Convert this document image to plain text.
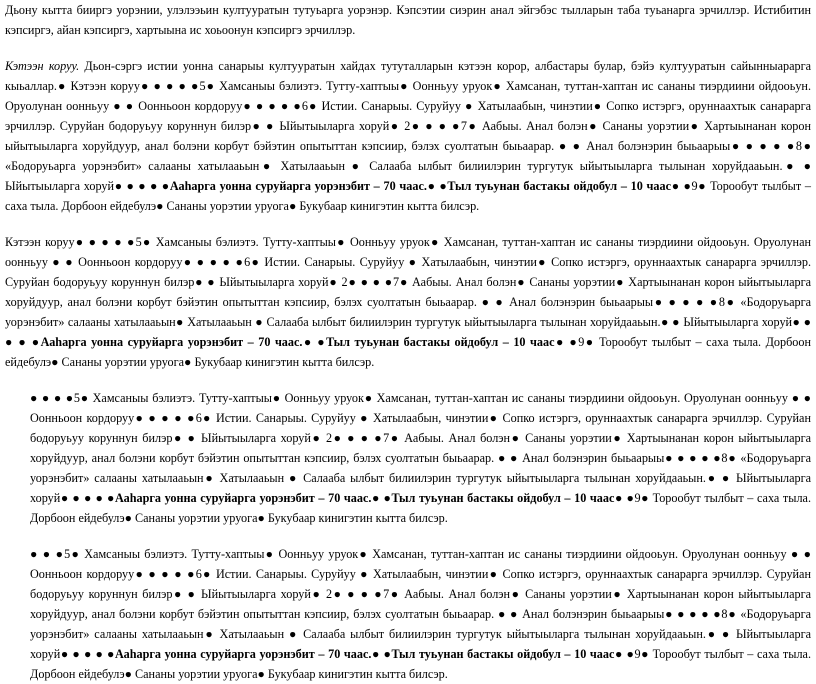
Дьону кытта бииргэ уорэнии, улэлээьин култууратын тутуьарга уорэнэр. Кэпсэтии сиэрин анал эйгэбэс тылларын таба туьанарга эрчиллэр. Истибитин кэпсиргэ, айан кэпсиргэ, хартыына ис хоьоонун кэпсиргэ эрчиллэр.

Кэтээн коруу. Дьон-сэргэ истии уонна санарыы култууратын хайдах тутуталларын кэтээн корор, албастары булар, бэйэ култууратын сайынныарарга кыьаллар.● Кэтээн коруу● ● ● ● ●5● Хамсаныы бэлиэтэ. Тутту-хаптыы● Оонньуу уруок● Хамсанан, туттан-хаптан ис сананы тиэрдиини ойдооьун. Оруолунан оонньуу ● ● Оонньоон кордоруу● ● ● ● ●6● Истии. Санарыы. Суруйуу ● Хатылаабын, чинэтии● Сопко истэргэ, оруннаахтык санарарга эрчиллэр. Суруйан бодоруьуу коруннун билэр● ● Ыйытыыларга хоруй● 2● ● ● ●7● Аабыы. Анал болэн● Сананы уорэтии● Хартыынанан корон ыйытыыларга хоруйдуур, анал болэни корбут бэйэтин опытыттан кэпсиир, бэлэх суолтатын быьаарар. ● ● Анал болэнэрин быьаарыы● ● ● ● ●8● «Бодоруьарга уорэнэбит» салааны хатылааьын● Хатылааьын ● Салааба ылбыт билиилэрин тургутук ыйытыыларга тылынан хоруйдааьын.● ● Ыйытыыларга хоруй● ● ● ● ●Ааһарга уонна суруйарга уорэнэбит – 70 чаас.● ●Тыл туьунан бастакы ойдобул – 10 чаас● ●9● Торообут тылбыт – саха тыла. Дорбоон ейдебулэ● Сананы уорэтии уруога● Букубаар кинигэтин кытта билсэр.

Кэтээн коруу● ● ● ● ●5● Хамсаныы бэлиэтэ. Тутту-хаптыы● Оонньуу уруок● Хамсанан, туттан-хаптан ис сананы тиэрдиини ойдооьун. Оруолунан оонньуу ● ● Оонньоон кордоруу● ● ● ● ●6● Истии. Санарыы. Суруйуу ● Хатылаабын, чинэтии● Сопко истэргэ, оруннаахтык санарарга эрчиллэр. Суруйан бодоруьуу коруннун билэр● ● Ыйытыыларга хоруй● 2● ● ● ●7● Аабыы. Анал болэн● Сананы уорэтии● Хартыынанан корон ыйытыыларга хоруйдуур, анал болэни корбут бэйэтин опытыттан кэпсиир, бэлэх суолтатын быьаарар. ● ● Анал болэнэрин быьаарыы● ● ● ● ●8● «Бодоруьарга уорэнэбит» салааны хатылааьын● Хатылааьын ● Салааба ылбыт билиилэрин тургутук ыйытыыларга тылынан хоруйдааьын.● ● Ыйытыыларга хоруй● ● ● ● ●Ааһарга уонна суруйарга уорэнэбит – 70 чаас.● ●Тыл туьунан бастакы ойдобул – 10 чаас● ●9● Торообут тылбыт – саха тыла. Дорбоон ейдебулэ● Сананы уорэтии уруога● Букубаар кинигэтин кытта билсэр.

● ● ● ●5● Хамсаныы бэлиэтэ. Тутту-хаптыы● Оонньуу уруок● Хамсанан, туттан-хаптан ис сананы тиэрдиини ойдооьун. Оруолунан оонньуу ● ● Оонньоон кордоруу● ● ● ● ●6● Истии. Санарыы. Суруйуу ● Хатылаабын, чинэтии● Сопко истэргэ, оруннаахтык санарарга эрчиллэр. Суруйан бодоруьуу коруннун билэр● ● Ыйытыыларга хоруй● 2● ● ● ●7● Аабыы. Анал болэн● Сананы уорэтии● Хартыынанан корон ыйытыыларга хоруйдуур, анал болэни корбут бэйэтин опытыттан кэпсиир, бэлэх суолтатын быьаарар. ● ● Анал болэнэрин быьаарыы● ● ● ● ●8● «Бодоруьарга уорэнэбит» салааны хатылааьын● Хатылааьын ● Салааба ылбыт билиилэрин тургутук ыйытыыларга тылынан хоруйдааьын.● ● Ыйытыыларга хоруй● ● ● ● ●Ааһарга уонна суруйарга уорэнэбит – 70 чаас.● ●Тыл туьунан бастакы ойдобул – 10 чаас● ●9● Торообут тылбыт – саха тыла. Дорбоон ейдебулэ● Сананы уорэтии уруога● Букубаар кинигэтин кытта билсэр.

● ● ●5● Хамсаныы бэлиэтэ. Тутту-хаптыы● Оонньуу уруок● Хамсанан, туттан-хаптан ис сананы тиэрдиини ойдооьун. Оруолунан оонньуу ● ● Оонньоон кордоруу● ● ● ● ●6● Истии. Санарыы. Суруйуу ● Хатылаабын, чинэтии● Сопко истэргэ, оруннаахтык санарарга эрчиллэр. Суруйан бодоруьуу коруннун билэр● ● Ыйытыыларга хоруй● 2● ● ● ●7● Аабыы. Анал болэн● Сананы уорэтии● Хартыынанан корон ыйытыыларга хоруйдуур, анал болэни корбут бэйэтин опытыттан кэпсиир, бэлэх суолтатын быьаарар. ● ● Анал болэнэрин быьаарыы● ● ● ● ●8● «Бодоруьарга уорэнэбит» салааны хатылааьын● Хатылааьын ● Салааба ылбыт билиилэрин тургутук ыйытыыларга тылынан хоруйдааьын.● ● Ыйытыыларга хоруй● ● ● ● ●Ааһарга уонна суруйарга уорэнэбит – 70 чаас.● ●Тыл туьунан бастакы ойдобул – 10 чаас● ●9● Торообут тылбыт – саха тыла. Дорбоон ейдебулэ● Сананы уорэтии уруога● Букубаар кинигэтин кытта билсэр.
